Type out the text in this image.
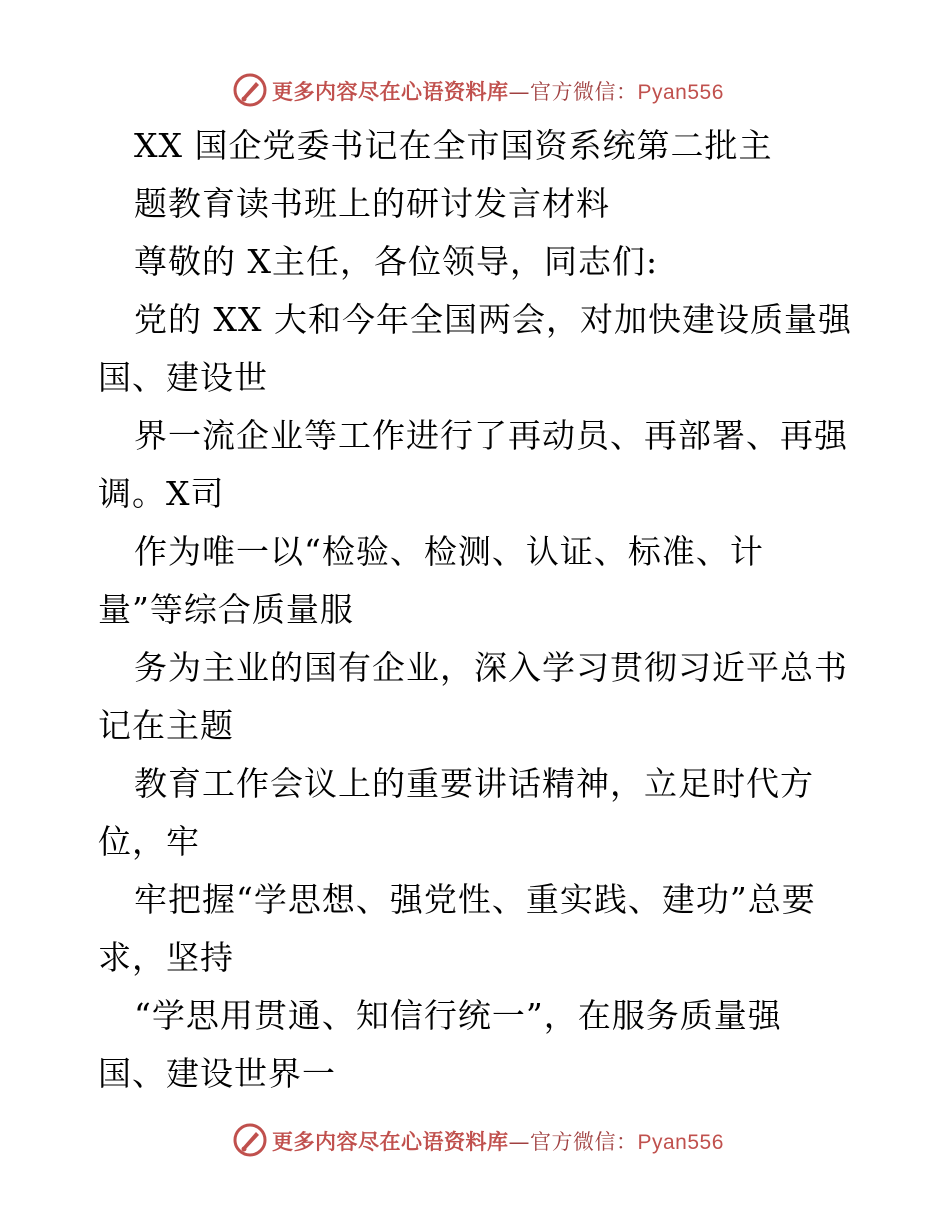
更多内容尽在心语资料库—官方微信：Pyan556
XX 国企党委书记在全市国资系统第二批主
题教育读书班上的研讨发言材料
尊敬的 X主任，各位领导，同志们:
党的 XX 大和今年全国两会，对加快建设质量强
国、建设世
界一流企业等工作进行了再动员、再部署、再强
调。X司
作为唯一以“检验、检测、认证、标准、计
量”等综合质量服
务为主业的国有企业，深入学习贯彻习近平总书
记在主题
教育工作会议上的重要讲话精神，立足时代方
位，牢
牢把握“学思想、强党性、重实践、建功”总要
求，坚持
“学思用贯通、知信行统一”，在服务质量强
国、建设世界一
更多内容尽在心语资料库—官方微信：Pyan556
